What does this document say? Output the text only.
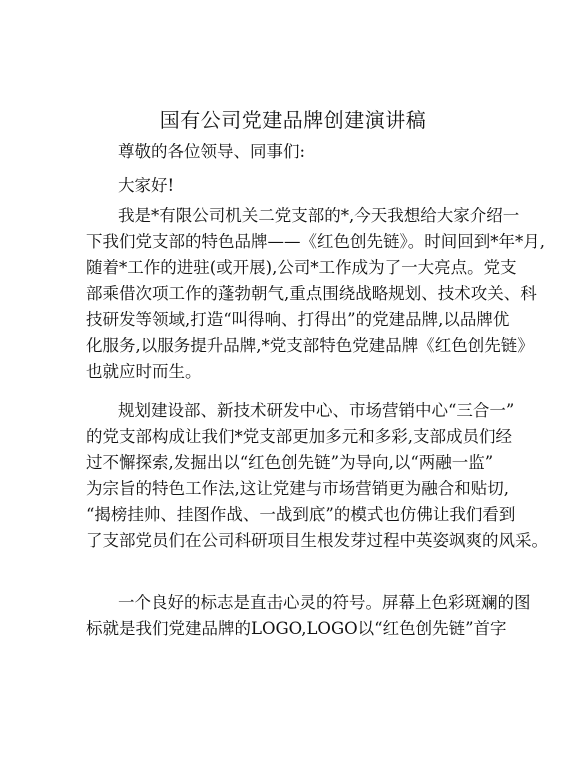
国有公司党建品牌创建演讲稿
尊敬的各位领导、同事们:
大家好!
我是*有限公司机关二党支部的*,今天我想给大家介绍一
下我们党支部的特色品牌——《红色创先链》。时间回到*年*月,
随着*工作的进驻(或开展),公司*工作成为了一大亮点。党支
部乘借次项工作的蓬勃朝气,重点围绕战略规划、技术攻关、科
技研发等领域,打造“叫得响、打得出”的党建品牌,以品牌优
化服务,以服务提升品牌,*党支部特色党建品牌《红色创先链》
也就应时而生。
规划建设部、新技术研发中心、市场营销中心“三合一”
的党支部构成让我们*党支部更加多元和多彩,支部成员们经
过不懈探索,发掘出以“红色创先链”为导向,以“两融一监”
为宗旨的特色工作法,这让党建与市场营销更为融合和贴切,
“揭榜挂帅、挂图作战、一战到底”的模式也仿佛让我们看到
了支部党员们在公司科研项目生根发芽过程中英姿飒爽的风采。
一个良好的标志是直击心灵的符号。屏幕上色彩斑斓的图
标就是我们党建品牌的LOGO,LOGO以“红色创先链”首字
